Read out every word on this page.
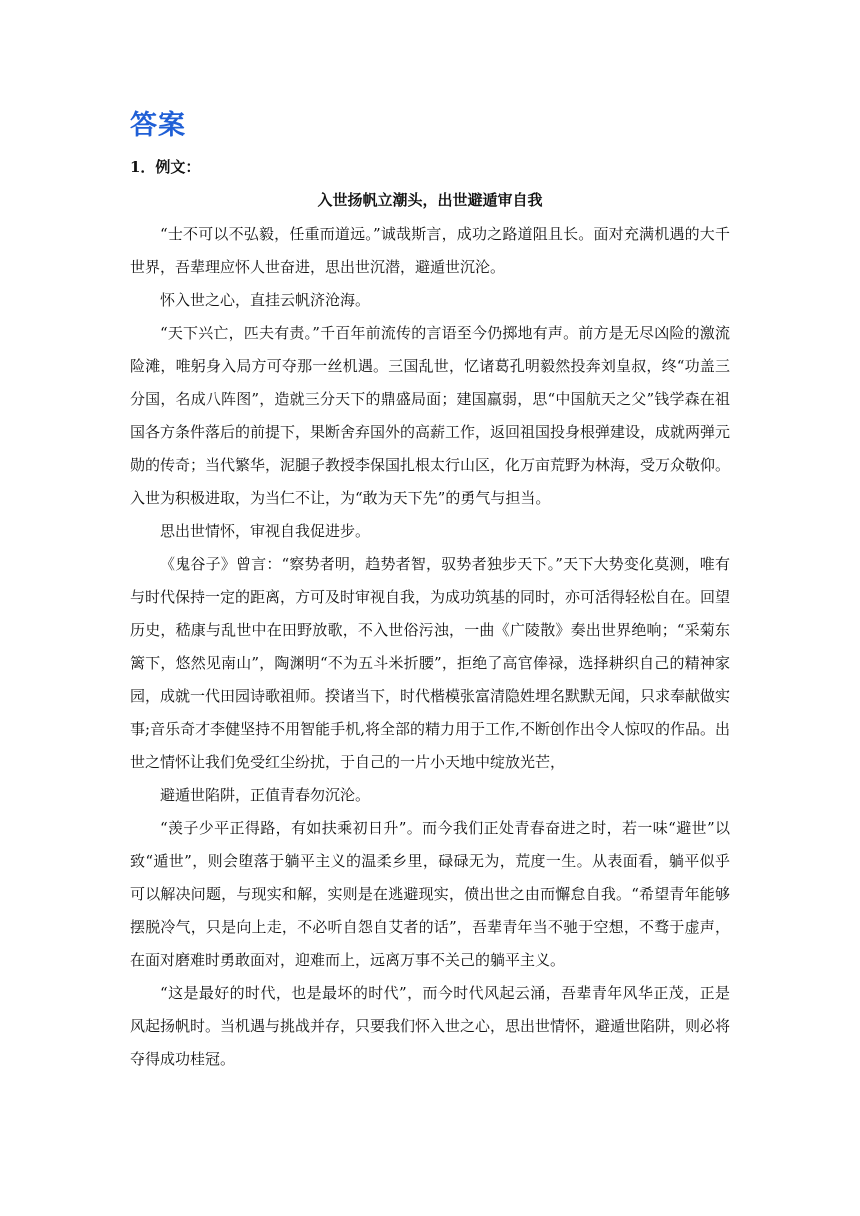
答案

1．例文：

入世扬帆立潮头，出世避遁审自我

“士不可以不弘毅，任重而道远。”诚哉斯言，成功之路道阻且长。面对充满机遇的大千世界，吾辈理应怀人世奋进，思出世沉潜，避遁世沉沦。

怀入世之心，直挂云帆济沧海。

“天下兴亡，匹夫有责。”千百年前流传的言语至今仍掷地有声。前方是无尽凶险的激流险滩，唯躬身入局方可夺那一丝机遇。三国乱世，忆诸葛孔明毅然投奔刘皇叔，终“功盖三分国，名成八阵图”，造就三分天下的鼎盛局面；建国羸弱，思“中国航天之父”钱学森在祖国各方条件落后的前提下，果断舍弃国外的高薪工作，返回祖国投身根弹建设，成就两弹元勋的传奇；当代繁华，泥腿子教授李保国扎根太行山区，化万亩荒野为林海，受万众敬仰。入世为积极进取，为当仁不让，为“敢为天下先”的勇气与担当。

思出世情怀，审视自我促进步。

《鬼谷子》曾言：“察势者明，趋势者智，驭势者独步天下。”天下大势变化莫测，唯有与时代保持一定的距离，方可及时审视自我，为成功筑基的同时，亦可活得轻松自在。回望历史，嵇康与乱世中在田野放歌，不入世俗污浊，一曲《广陵散》奏出世界绝响；“采菊东篱下，悠然见南山”，陶渊明“不为五斗米折腰”，拒绝了高官俸禄，选择耕织自己的精神家园，成就一代田园诗歌祖师。揆诸当下，时代楷模张富清隐姓埋名默默无闻，只求奉献做实事;音乐奇才李健坚持不用智能手机,将全部的精力用于工作,不断创作出令人惊叹的作品。出世之情怀让我们免受红尘纷扰，于自己的一片小天地中绽放光芒，

避遁世陷阱，正值青春勿沉沦。

“羡子少平正得路，有如扶乘初日升”。而今我们正处青春奋进之时，若一味“避世”以致“遁世”，则会堕落于躺平主义的温柔乡里，碌碌无为，荒度一生。从表面看，躺平似乎可以解决问题，与现实和解，实则是在逃避现实，偾出世之由而懈怠自我。“希望青年能够摆脱冷气，只是向上走，不必听自怨自艾者的话”，吾辈青年当不驰于空想，不骛于虚声，在面对磨难时勇敢面对，迎难而上，远离万事不关己的躺平主义。

“这是最好的时代，也是最坏的时代”，而今时代风起云涌，吾辈青年风华正茂，正是风起扬帆时。当机遇与挑战并存，只要我们怀入世之心，思出世情怀，避遁世陷阱，则必将夺得成功桂冠。
